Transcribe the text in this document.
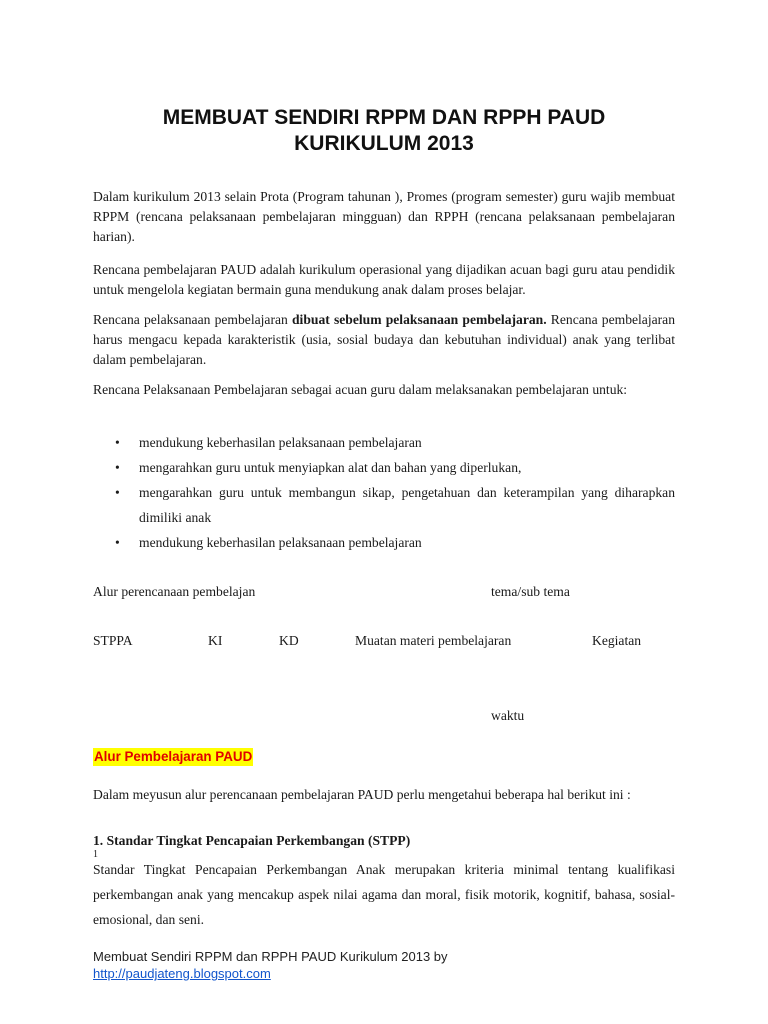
MEMBUAT SENDIRI RPPM DAN RPPH PAUD
KURIKULUM 2013
Dalam kurikulum 2013 selain Prota (Program tahunan ), Promes (program semester) guru wajib membuat RPPM (rencana pelaksanaan pembelajaran mingguan) dan RPPH (rencana pelaksanaan pembelajaran harian).
Rencana pembelajaran PAUD adalah kurikulum operasional yang dijadikan acuan bagi guru atau pendidik untuk mengelola kegiatan bermain guna mendukung anak dalam proses belajar.
Rencana pelaksanaan pembelajaran dibuat sebelum pelaksanaan pembelajaran. Rencana pembelajaran harus mengacu kepada karakteristik (usia, sosial budaya dan kebutuhan individual) anak yang terlibat dalam pembelajaran.
Rencana Pelaksanaan Pembelajaran sebagai acuan guru dalam melaksanakan pembelajaran untuk:
• mendukung keberhasilan pelaksanaan pembelajaran
• mengarahkan guru untuk menyiapkan alat dan bahan yang diperlukan,
• mengarahkan guru untuk membangun sikap, pengetahuan dan keterampilan yang diharapkan dimiliki anak
• mendukung keberhasilan pelaksanaan pembelajaran
Alur perencanaan pembelajan	tema/sub tema
STPPA	KI	KD	Muatan materi pembelajaran	Kegiatan
waktu
Alur Pembelajaran PAUD
Dalam meyusun alur perencanaan pembelajaran PAUD perlu mengetahui beberapa hal berikut ini :
1. Standar Tingkat Pencapaian Perkembangan (STPP)
1
Standar Tingkat Pencapaian Perkembangan Anak merupakan kriteria minimal tentang kualifikasi perkembangan anak yang mencakup aspek nilai agama dan moral, fisik motorik, kognitif, bahasa, sosial-emosional, dan seni.
Membuat Sendiri RPPM dan RPPH PAUD Kurikulum 2013 by
http://paudjateng.blogspot.com
